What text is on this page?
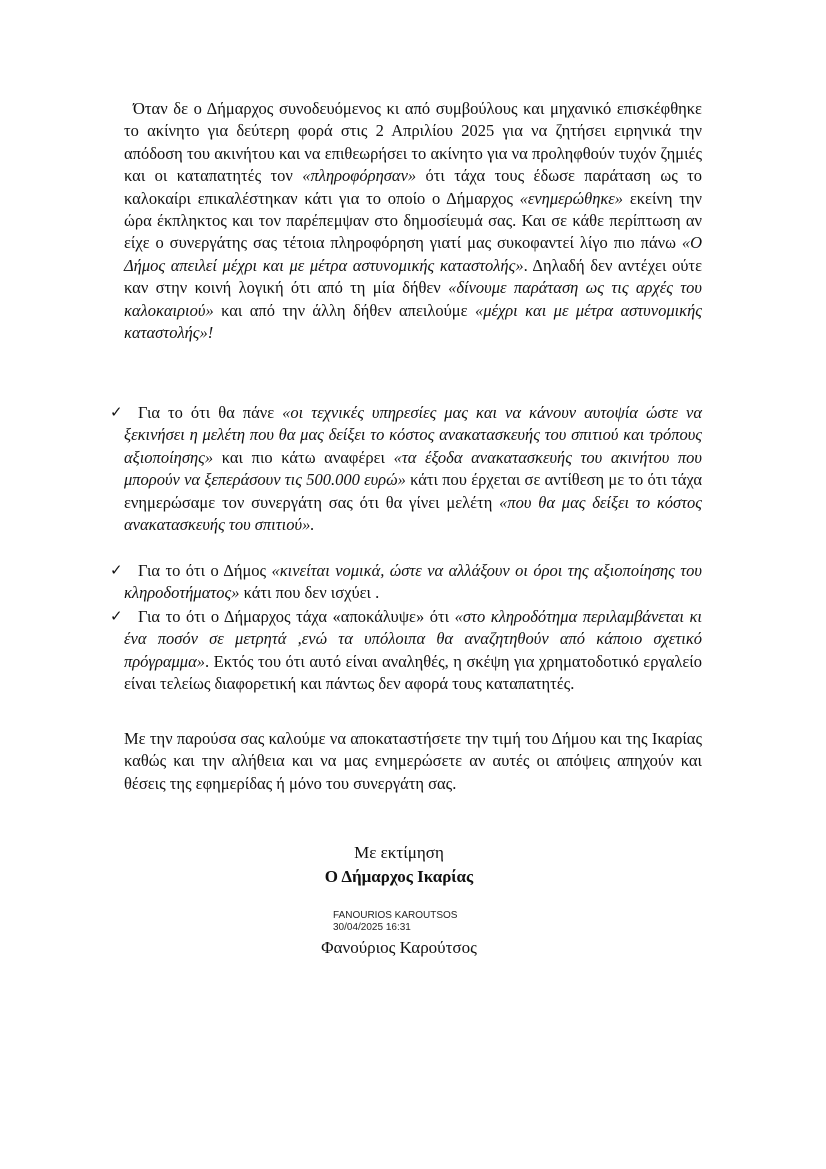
Όταν δε ο Δήμαρχος συνοδευόμενος κι από συμβούλους και μηχανικό επισκέφθηκε το ακίνητο για δεύτερη φορά στις 2 Απριλίου 2025 για να ζητήσει ειρηνικά την απόδοση του ακινήτου και να επιθεωρήσει το ακίνητο για να προληφθούν τυχόν ζημιές και οι καταπατητές τον «πληροφόρησαν» ότι τάχα τους έδωσε παράταση ως το καλοκαίρι επικαλέστηκαν κάτι για το οποίο ο Δήμαρχος «ενημερώθηκε» εκείνη την ώρα έκπληκτος και τον παρέπεμψαν στο δημοσίευμά σας. Και σε κάθε περίπτωση αν είχε ο συνεργάτης σας τέτοια πληροφόρηση γιατί μας συκοφαντεί λίγο πιο πάνω «Ο Δήμος απειλεί μέχρι και με μέτρα αστυνομικής καταστολής». Δηλαδή δεν αντέχει ούτε καν στην κοινή λογική ότι από τη μία δήθεν «δίνουμε παράταση ως τις αρχές του καλοκαιριού» και από την άλλη δήθεν απειλούμε «μέχρι και με μέτρα αστυνομικής καταστολής»!

✓ Για το ότι θα πάνε «οι τεχνικές υπηρεσίες μας και να κάνουν αυτοψία ώστε να ξεκινήσει η μελέτη που θα μας δείξει το κόστος ανακατασκευής του σπιτιού και τρόπους αξιοποίησης» και πιο κάτω αναφέρει «τα έξοδα ανακατασκευής του ακινήτου που μπορούν να ξεπεράσουν τις 500.000 ευρώ» κάτι που έρχεται σε αντίθεση με το ότι τάχα ενημερώσαμε τον συνεργάτη σας ότι θα γίνει μελέτη «που θα μας δείξει το κόστος ανακατασκευής του σπιτιού».

✓ Για το ότι ο Δήμος «κινείται νομικά, ώστε να αλλάξουν οι όροι της αξιοποίησης του κληροδοτήματος» κάτι που δεν ισχύει .

✓ Για το ότι ο Δήμαρχος τάχα «αποκάλυψε» ότι «στο κληροδότημα περιλαμβάνεται κι ένα ποσόν σε μετρητά ,ενώ τα υπόλοιπα θα αναζητηθούν από κάποιο σχετικό πρόγραμμα». Εκτός του ότι αυτό είναι αναληθές, η σκέψη για χρηματοδοτικό εργαλείο είναι τελείως διαφορετική και πάντως δεν αφορά τους καταπατητές.

Με την παρούσα σας καλούμε να αποκαταστήσετε την τιμή του Δήμου και της Ικαρίας καθώς και την αλήθεια και να μας ενημερώσετε αν αυτές οι απόψεις απηχούν και θέσεις της εφημερίδας ή μόνο του συνεργάτη σας.

Με εκτίμηση
Ο Δήμαρχος Ικαρίας
FANOURIOS KAROUTSOS
30/04/2025 16:31
Φανούριος Καρούτσος
